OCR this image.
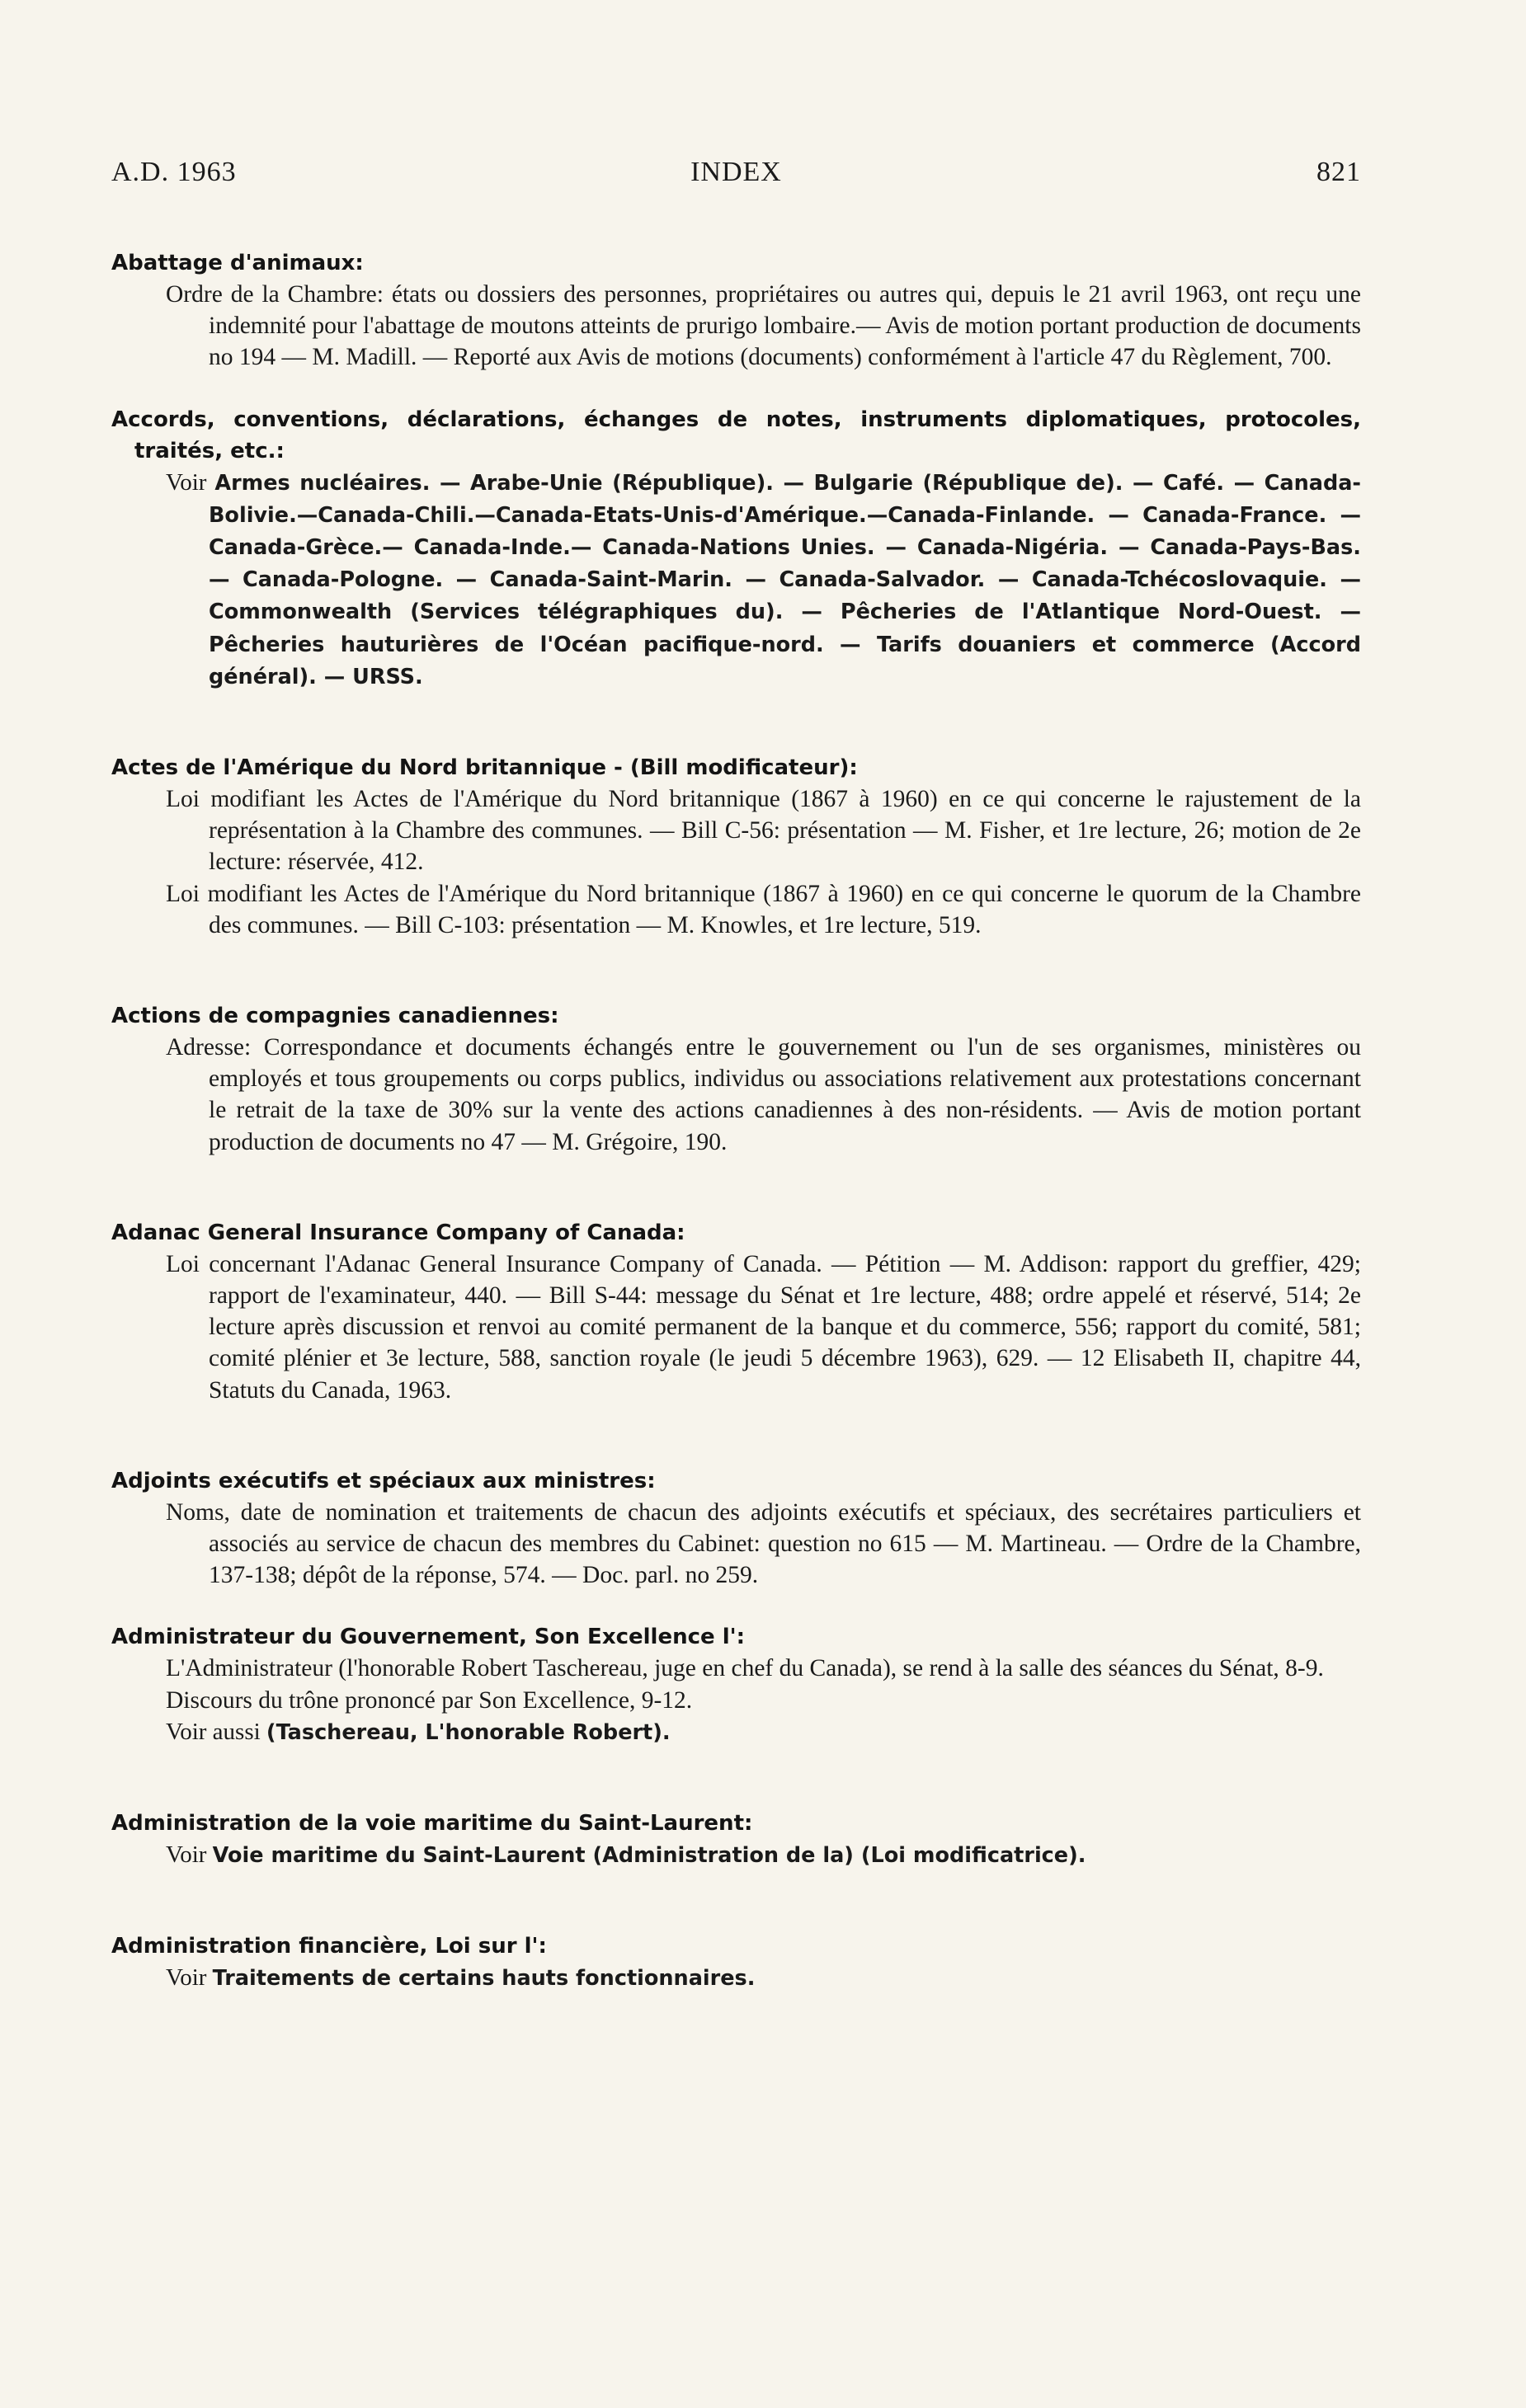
A.D. 1963	INDEX	821
Abattage d'animaux:
Ordre de la Chambre: états ou dossiers des personnes, propriétaires ou autres qui, depuis le 21 avril 1963, ont reçu une indemnité pour l'abattage de moutons atteints de prurigo lombaire.— Avis de motion portant production de documents no 194 — M. Madill. — Reporté aux Avis de motions (documents) conformément à l'article 47 du Règlement, 700.
Accords, conventions, déclarations, échanges de notes, instruments diplomatiques, protocoles, traités, etc.:
Voir Armes nucléaires. — Arabe-Unie (République). — Bulgarie (République de). — Café. — Canada-Bolivie.—Canada-Chili.—Canada-Etats-Unis-d'Amérique.—Canada-Finlande. — Canada-France. — Canada-Grèce.— Canada-Inde.— Canada-Nations Unies. — Canada-Nigéria. — Canada-Pays-Bas. — Canada-Pologne. — Canada-Saint-Marin. — Canada-Salvador. — Canada-Tchécoslovaquie. — Commonwealth (Services télégraphiques du). — Pêcheries de l'Atlantique Nord-Ouest. — Pêcheries hauturières de l'Océan pacifique-nord. — Tarifs douaniers et commerce (Accord général). — URSS.
Actes de l'Amérique du Nord britannique - (Bill modificateur):
Loi modifiant les Actes de l'Amérique du Nord britannique (1867 à 1960) en ce qui concerne le rajustement de la représentation à la Chambre des communes. — Bill C-56: présentation — M. Fisher, et 1re lecture, 26; motion de 2e lecture: réservée, 412.
Loi modifiant les Actes de l'Amérique du Nord britannique (1867 à 1960) en ce qui concerne le quorum de la Chambre des communes. — Bill C-103: présentation — M. Knowles, et 1re lecture, 519.
Actions de compagnies canadiennes:
Adresse: Correspondance et documents échangés entre le gouvernement ou l'un de ses organismes, ministères ou employés et tous groupements ou corps publics, individus ou associations relativement aux protestations concernant le retrait de la taxe de 30% sur la vente des actions canadiennes à des non-résidents. — Avis de motion portant production de documents no 47 — M. Grégoire, 190.
Adanac General Insurance Company of Canada:
Loi concernant l'Adanac General Insurance Company of Canada. — Pétition — M. Addison: rapport du greffier, 429; rapport de l'examinateur, 440. — Bill S-44: message du Sénat et 1re lecture, 488; ordre appelé et réservé, 514; 2e lecture après discussion et renvoi au comité permanent de la banque et du commerce, 556; rapport du comité, 581; comité plénier et 3e lecture, 588, sanction royale (le jeudi 5 décembre 1963), 629. — 12 Elisabeth II, chapitre 44, Statuts du Canada, 1963.
Adjoints exécutifs et spéciaux aux ministres:
Noms, date de nomination et traitements de chacun des adjoints exécutifs et spéciaux, des secrétaires particuliers et associés au service de chacun des membres du Cabinet: question no 615 — M. Martineau. — Ordre de la Chambre, 137-138; dépôt de la réponse, 574. — Doc. parl. no 259.
Administrateur du Gouvernement, Son Excellence l':
L'Administrateur (l'honorable Robert Taschereau, juge en chef du Canada), se rend à la salle des séances du Sénat, 8-9.
Discours du trône prononcé par Son Excellence, 9-12.
Voir aussi (Taschereau, L'honorable Robert).
Administration de la voie maritime du Saint-Laurent:
Voir Voie maritime du Saint-Laurent (Administration de la) (Loi modificatrice).
Administration financière, Loi sur l':
Voir Traitements de certains hauts fonctionnaires.
